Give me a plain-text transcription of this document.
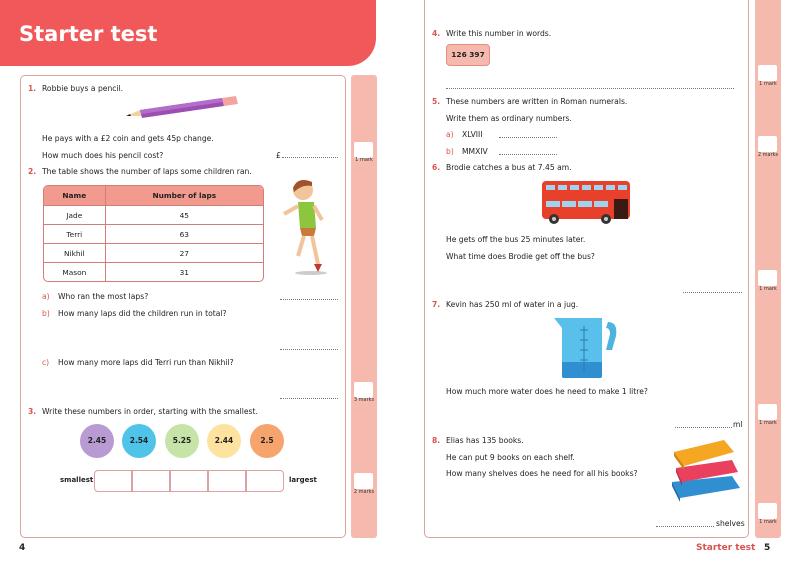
Starter test
1 mark
3 marks
2 marks
1. Robbie buys a pencil.
He pays with a £2 coin and gets 45p change.
How much does his pencil cost?	£
2. The table shows the number of laps some children ran.
Name	Number of laps
Jade	45
Terri	63
Nikhil	27
Mason	31
a) Who ran the most laps?
b) How many laps did the children run in total?
c) How many more laps did Terri run than Nikhil?
3. Write these numbers in order, starting with the smallest.
2.45	2.54	5.25	2.44	2.5
smallest	largest
4
1 mark
2 marks
1 mark
1 mark
1 mark
4. Write this number in words.
126 397
5. These numbers are written in Roman numerals.
Write them as ordinary numbers.
a) XLVIII
b) MMXIV
6. Brodie catches a bus at 7.45 am.
He gets off the bus 25 minutes later.
What time does Brodie get off the bus?
7. Kevin has 250 ml of water in a jug.
How much more water does he need to make 1 litre?
ml
8. Elias has 135 books.
He can put 9 books on each shelf.
How many shelves does he need for all his books?
shelves
Starter test 5
